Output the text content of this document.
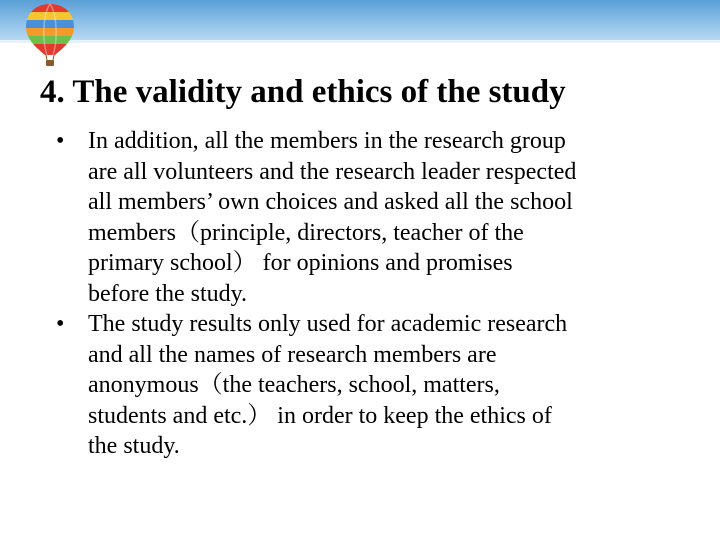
4. The validity and ethics of the study
• In addition, all the members in the research group
are all volunteers and the research leader respected
all members’ own choices and asked all the school
members（principle, directors, teacher of the
primary school） for opinions and promises
before the study.
• The study results only used for academic research
and all the names of research members are
anonymous（the teachers, school, matters,
students and etc.） in order to keep the ethics of
the study.
